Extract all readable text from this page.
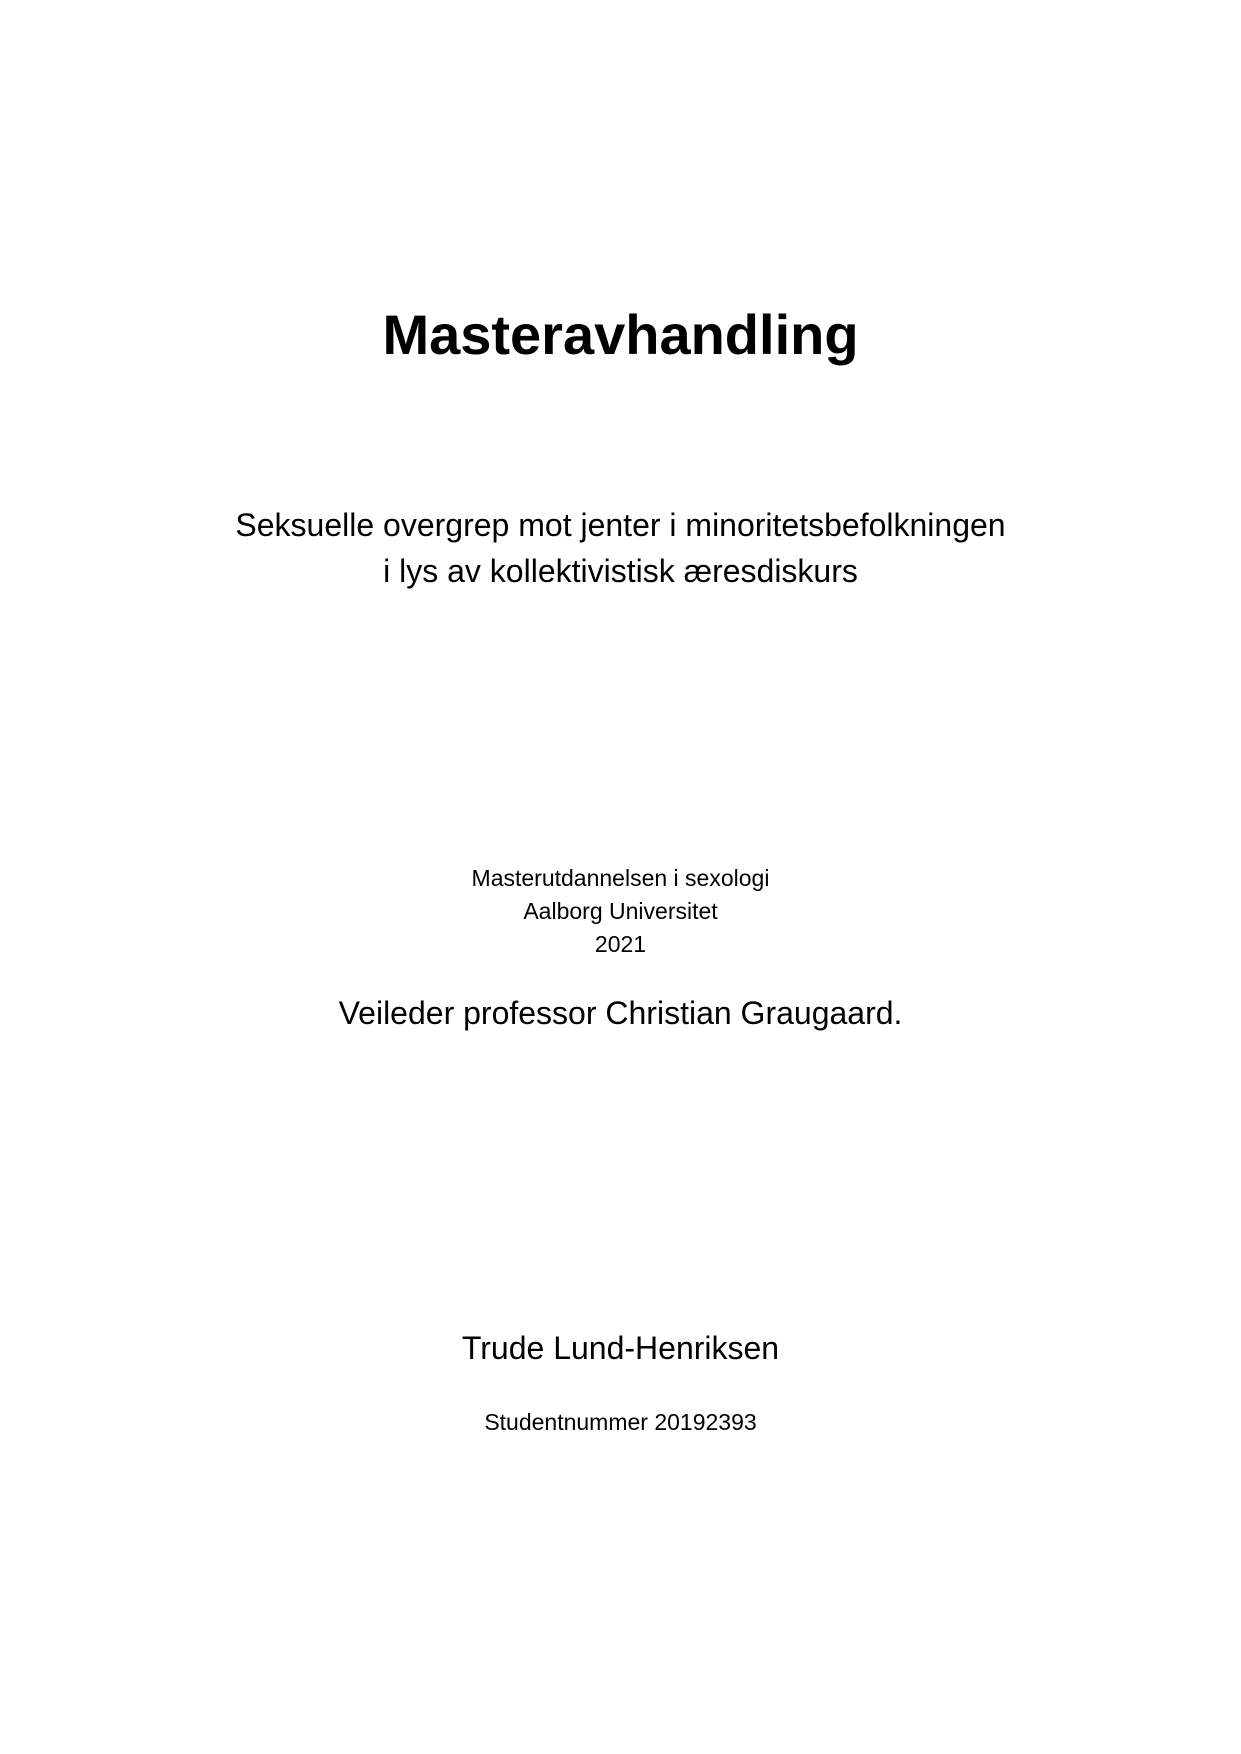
Masteravhandling
Seksuelle overgrep mot jenter i minoritetsbefolkningen
i lys av kollektivistisk æresdiskurs
Masterutdannelsen i sexologi
Aalborg Universitet
2021
Veileder professor Christian Graugaard.
Trude Lund-Henriksen
Studentnummer 20192393
